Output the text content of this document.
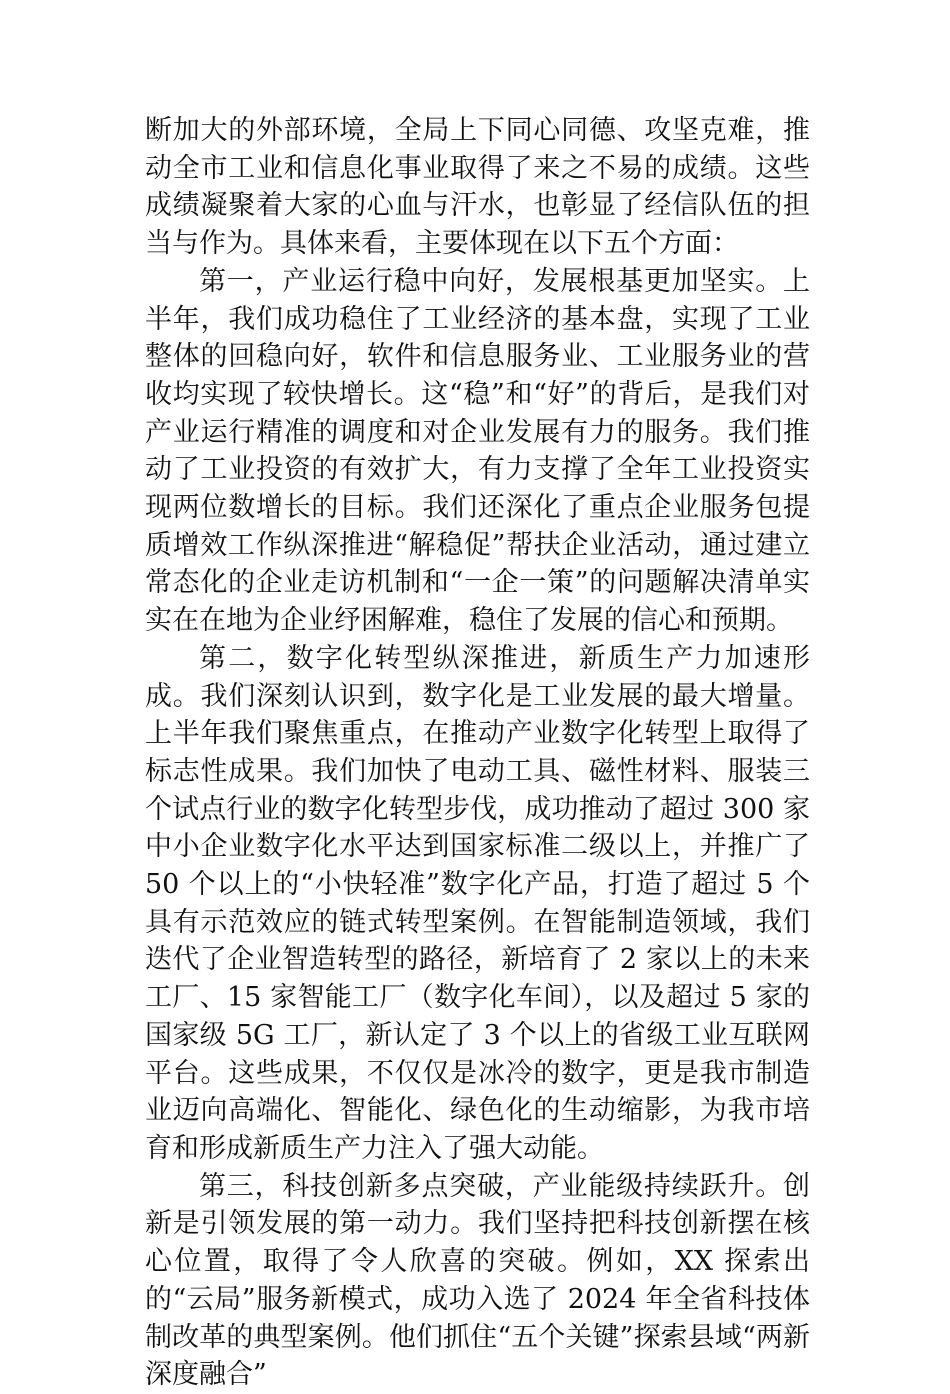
断加大的外部环境，全局上下同心同德、攻坚克难，推动全市工业和信息化事业取得了来之不易的成绩。这些成绩凝聚着大家的心血与汗水，也彰显了经信队伍的担当与作为。具体来看，主要体现在以下五个方面：

第一，产业运行稳中向好，发展根基更加坚实。上半年，我们成功稳住了工业经济的基本盘，实现了工业整体的回稳向好，软件和信息服务业、工业服务业的营收均实现了较快增长。这“稳”和“好”的背后，是我们对产业运行精准的调度和对企业发展有力的服务。我们推动了工业投资的有效扩大，有力支撑了全年工业投资实现两位数增长的目标。我们还深化了重点企业服务包提质增效工作纵深推进“解稳促”帮扶企业活动，通过建立常态化的企业走访机制和“一企一策”的问题解决清单实实在在地为企业纾困解难，稳住了发展的信心和预期。

第二，数字化转型纵深推进，新质生产力加速形成。我们深刻认识到，数字化是工业发展的最大增量。上半年我们聚焦重点，在推动产业数字化转型上取得了标志性成果。我们加快了电动工具、磁性材料、服装三个试点行业的数字化转型步伐，成功推动了超过 300 家中小企业数字化水平达到国家标准二级以上，并推广了 50 个以上的“小快轻准”数字化产品，打造了超过 5 个具有示范效应的链式转型案例。在智能制造领域，我们迭代了企业智造转型的路径，新培育了 2 家以上的未来工厂、15 家智能工厂（数字化车间），以及超过 5 家的国家级 5G 工厂，新认定了 3 个以上的省级工业互联网平台。这些成果，不仅仅是冰冷的数字，更是我市制造业迈向高端化、智能化、绿色化的生动缩影，为我市培育和形成新质生产力注入了强大动能。

第三，科技创新多点突破，产业能级持续跃升。创新是引领发展的第一动力。我们坚持把科技创新摆在核心位置，取得了令人欣喜的突破。例如，XX 探索出的“云局”服务新模式，成功入选了 2024 年全省科技体制改革的典型案例。他们抓住“五个关键”探索县域“两新深度融合”
